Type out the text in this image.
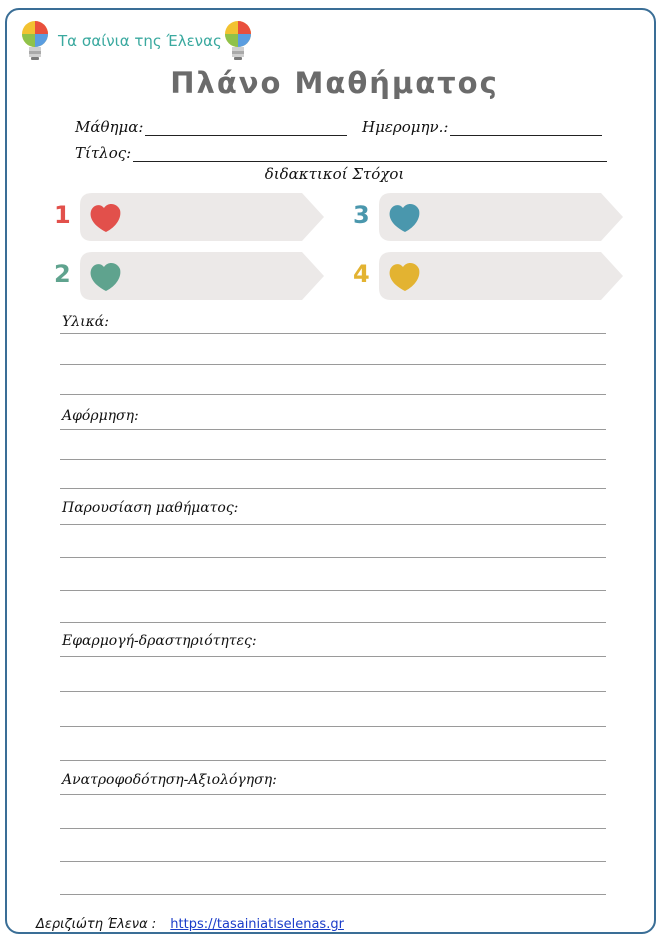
Τα σαίνια της Έλενας
Πλάνο Μαθήματος
Μάθημα:	Ημερομην.:
Τίτλος:
διδακτικοί Στόχοι
1
2
3
4
Υλικά:
Αφόρμηση:
Παρουσίαση μαθήματος:
Εφαρμογή-δραστηριότητες:
Ανατροφοδότηση-Αξιολόγηση:
Δεριζιώτη Έλενα : https://tasainiatiselenas.gr
